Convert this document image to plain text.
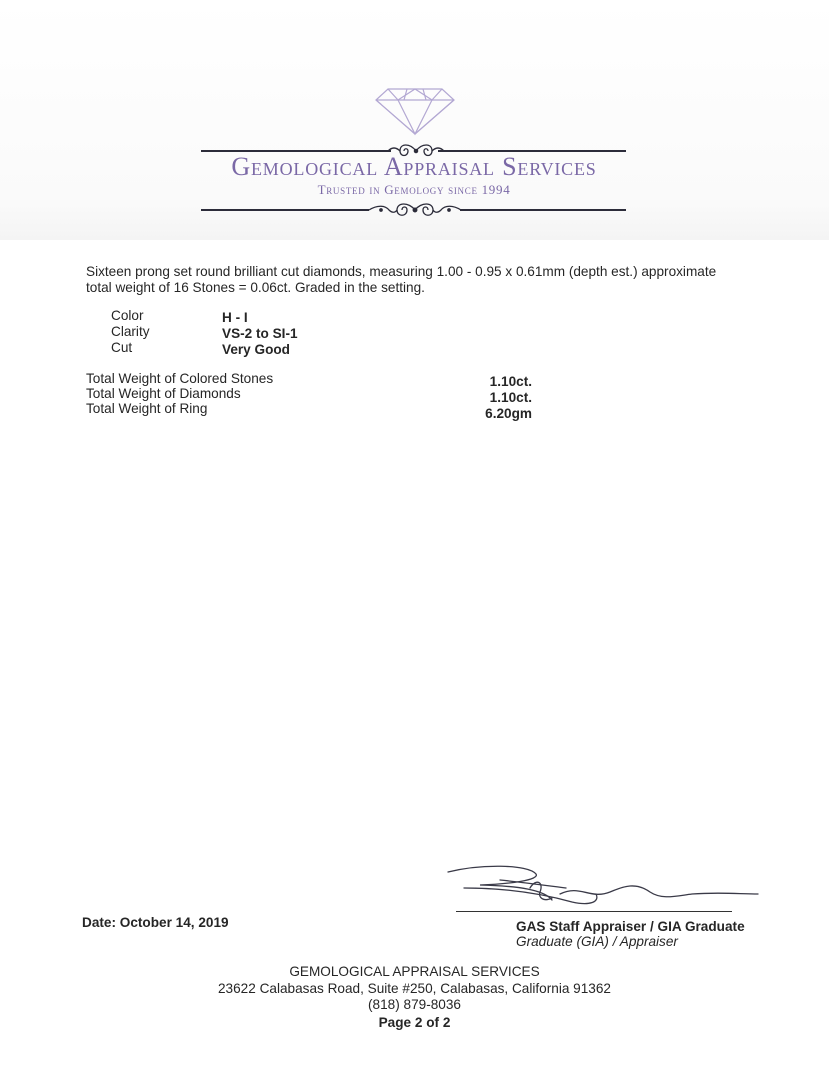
Gemological Appraisal Services
Trusted in Gemology since 1994
Sixteen prong set round brilliant cut diamonds, measuring 1.00 - 0.95 x 0.61mm (depth est.) approximate
total weight of 16 Stones = 0.06ct. Graded in the setting.
Color	H - I
Clarity	VS-2 to SI-1
Cut	Very Good
Total Weight of Colored Stones	1.10ct.
Total Weight of Diamonds	1.10ct.
Total Weight of Ring	6.20gm
Date: October 14, 2019	GAS Staff Appraiser / GIA Graduate
Graduate (GIA) / Appraiser
GEMOLOGICAL APPRAISAL SERVICES
23622 Calabasas Road, Suite #250, Calabasas, California 91362
(818) 879-8036
Page 2 of 2
